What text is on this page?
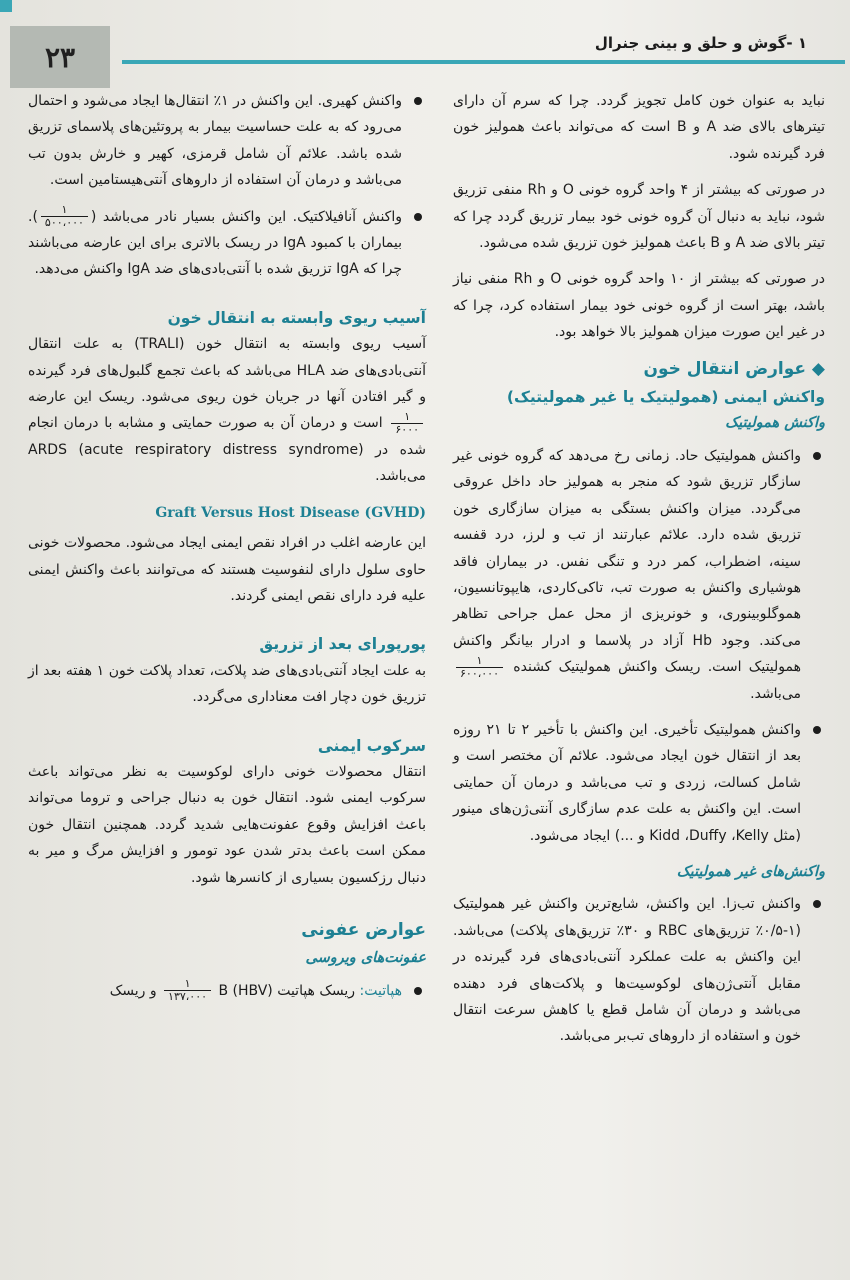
۲۳	۱ -گوش و حلق و بینی جنرال

نباید به عنوان خون کامل تجویز گردد. چرا که سرم آن دارای تیترهای بالای ضد A و B است که می‌تواند باعث همولیز خون فرد گیرنده شود.

در صورتی که بیشتر از ۴ واحد گروه خونی O و Rh منفی تزریق شود، نباید به دنبال آن گروه خونی خود بیمار تزریق گردد چرا که تیتر بالای ضد A و B باعث همولیز خون تزریق شده می‌شود.

در صورتی که بیشتر از ۱۰ واحد گروه خونی O و Rh منفی نیاز باشد، بهتر است از گروه خونی خود بیمار استفاده کرد، چرا که در غیر این صورت میزان همولیز بالا خواهد بود.

◆ عوارض انتقال خون
واکنش ایمنی (همولیتیک یا غیر همولیتیک)
واکنش همولیتیک
واکنش همولیتیک حاد. زمانی رخ می‌دهد که گروه خونی غیر سازگار تزریق شود که منجر به همولیز حاد داخل عروقی می‌گردد. میزان واکنش بستگی به میزان سازگاری خون تزریق شده دارد. علائم عبارتند از تب و لرز، درد قفسه سینه، اضطراب، کمر درد و تنگی نفس. در بیماران فاقد هوشیاری واکنش به صورت تب، تاکی‌کاردی، هایپوتانسیون، هموگلوبینوری، و خونریزی از محل عمل جراحی تظاهر می‌کند. وجود Hb آزاد در پلاسما و ادرار بیانگر واکنش همولیتیک است. ریسک واکنش همولیتیک کشنده
$\frac{۱}{۶۰۰،۰۰۰}$
می‌باشد.
واکنش همولیتیک تأخیری. این واکنش با تأخیر ۲ تا ۲۱ روزه بعد از انتقال خون ایجاد می‌شود. علائم آن مختصر است و شامل کسالت، زردی و تب می‌باشد و درمان آن حمایتی است. این واکنش به علت عدم سازگاری آنتی‌ژن‌های مینور (مثل Kidd ،Duffy ،Kelly و ...) ایجاد می‌شود.
واکنش‌های غیر همولیتیک
واکنش تب‌زا. این واکنش، شایع‌ترین واکنش غیر همولیتیک (۱-۰/۵٪ تزریق‌های RBC و ۳۰٪ تزریق‌های پلاکت) می‌باشد. این واکنش به علت عملکرد آنتی‌بادی‌های فرد گیرنده در مقابل آنتی‌ژن‌های لوکوسیت‌ها و پلاکت‌های فرد دهنده می‌باشد و درمان آن شامل قطع یا کاهش سرعت انتقال خون و استفاده از داروهای تب‌بر می‌باشد.
واکنش کهیری. این واکنش در ۱٪ انتقال‌ها ایجاد می‌شود و احتمال می‌رود که به علت حساسیت بیمار به پروتئین‌های پلاسمای تزریق شده باشد. علائم آن شامل قرمزی، کهیر و خارش بدون تب می‌باشد و درمان آن استفاده از داروهای آنتی‌هیستامین است.
واکنش آنافیلاکتیک. این واکنش بسیار نادر می‌باشد (
$\frac{۱}{۵۰۰،۰۰۰}$
). بیماران با کمبود IgA در ریسک بالاتری برای این عارضه می‌باشند چرا که IgA تزریق شده با آنتی‌بادی‌های ضد IgA واکنش می‌دهد.
آسیب ریوی وابسته به انتقال خون

آسیب ریوی وابسته به انتقال خون (TRALI) به علت انتقال آنتی‌بادی‌های ضد HLA می‌باشد که باعث تجمع گلبول‌های فرد گیرنده و گیر افتادن آنها در جریان خون ریوی می‌شود. ریسک این عارضه
$\frac{۱}{۶۰۰۰}$
است و درمان آن به صورت حمایتی و مشابه با درمان انجام شده در ARDS (acute respiratory distress syndrome) می‌باشد.

(GVHD) Graft Versus Host Disease

این عارضه اغلب در افراد نقص ایمنی ایجاد می‌شود. محصولات خونی حاوی سلول دارای لنفوسیت هستند که می‌توانند باعث واکنش ایمنی علیه فرد دارای نقص ایمنی گردند.

پورپورای بعد از تزریق

به علت ایجاد آنتی‌بادی‌های ضد پلاکت، تعداد پلاکت خون ۱ هفته بعد از تزریق خون دچار افت معناداری می‌گردد.

سرکوب ایمنی

انتقال محصولات خونی دارای لوکوسیت به نظر می‌تواند باعث سرکوب ایمنی شود. انتقال خون به دنبال جراحی و تروما می‌تواند باعث افزایش وقوع عفونت‌هایی شدید گردد. همچنین انتقال خون ممکن است باعث بدتر شدن عود تومور و افزایش مرگ و میر به دنبال رزکسیون بسیاری از کانسرها شود.

عوارض عفونی
عفونت‌های ویروسی
هپاتیت: ریسک هپاتیت B (HBV)
$\frac{۱}{۱۳۷،۰۰۰}$
و ریسک
